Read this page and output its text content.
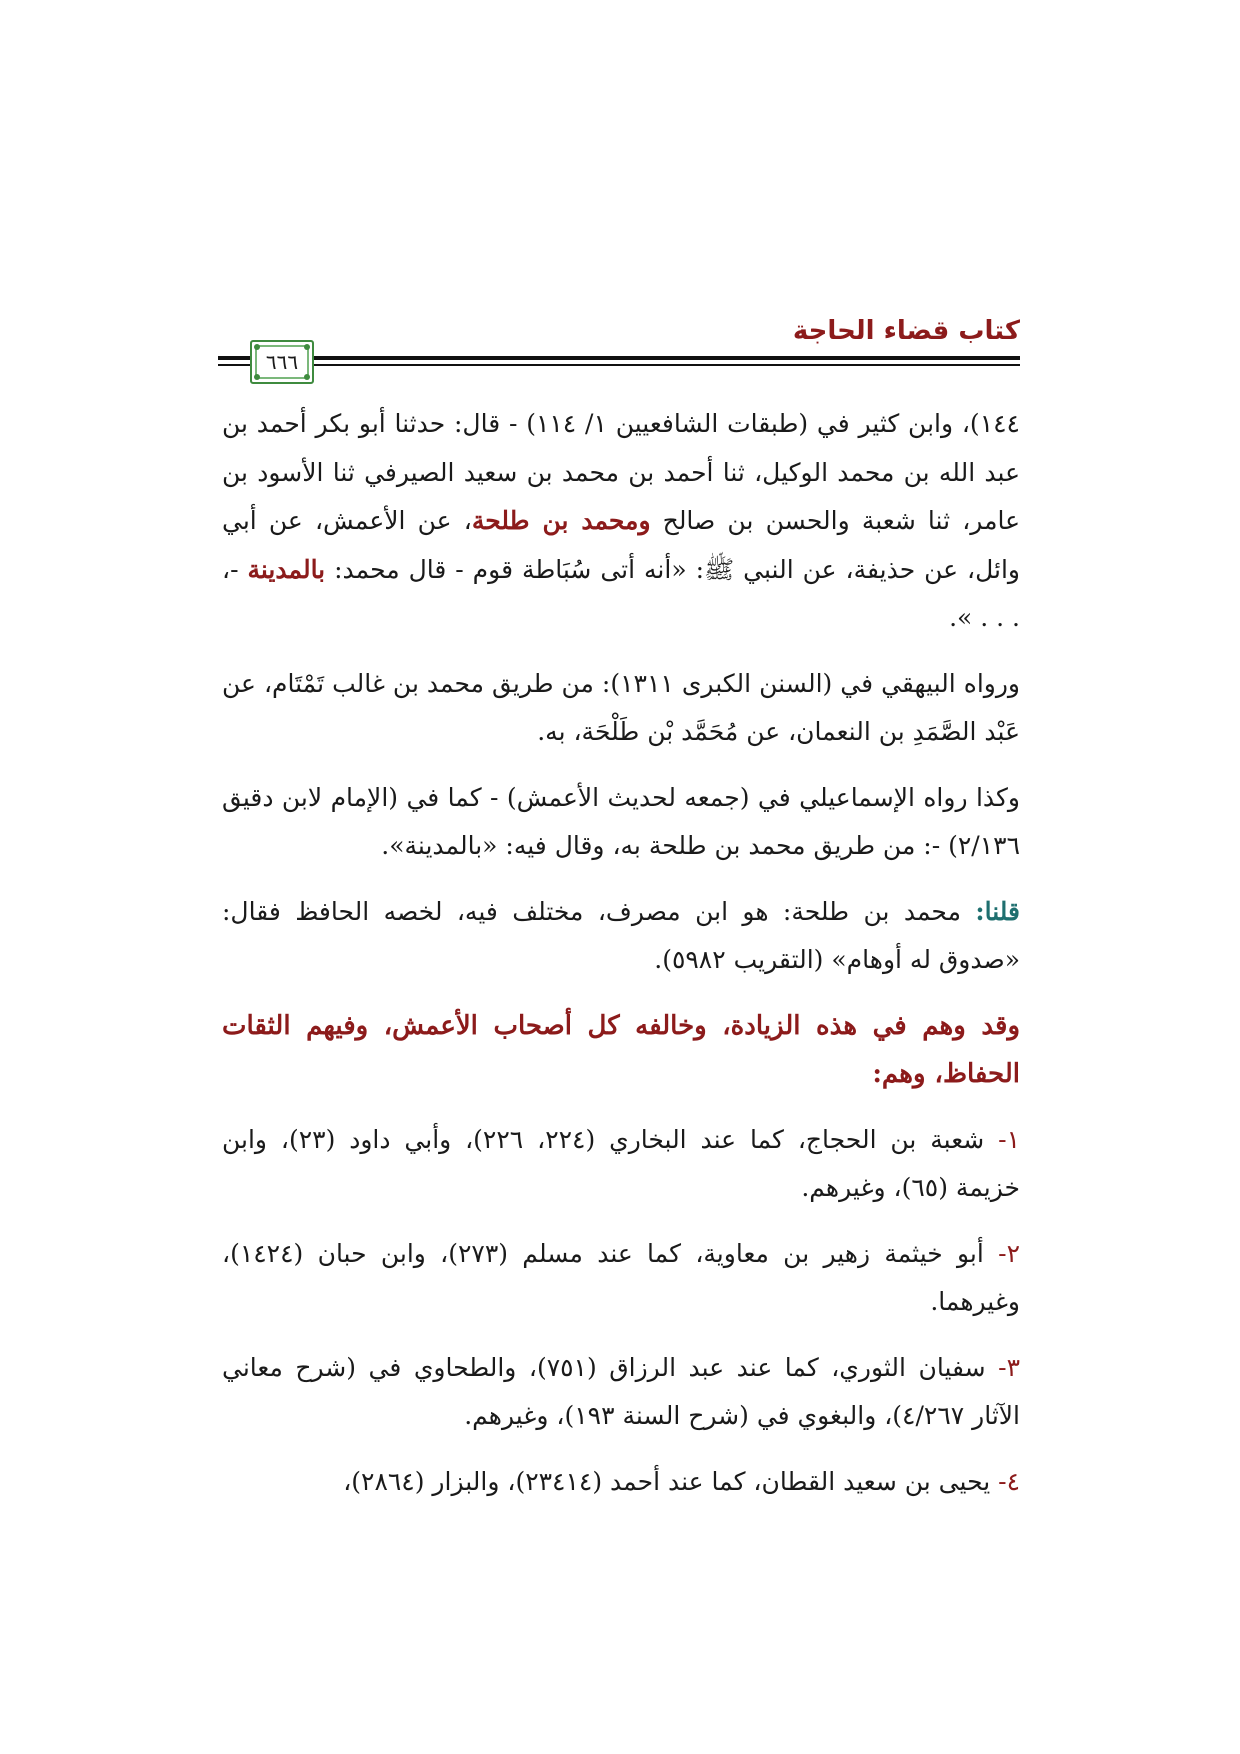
كتاب قضاء الحاجة
٦٦٦

١٤٤)، وابن كثير في (طبقات الشافعيين ١/ ١١٤) - قال: حدثنا أبو بكر أحمد بن عبد الله بن محمد الوكيل، ثنا أحمد بن محمد بن سعيد الصيرفي ثنا الأسود بن عامر، ثنا شعبة والحسن بن صالح ومحمد بن طلحة، عن الأعمش، عن أبي وائل، عن حذيفة، عن النبي ﷺ: «أنه أتى سُبَاطة قوم - قال محمد: بالمدينة -، . . . ».

ورواه البيهقي في (السنن الكبرى ١٣١١): من طريق محمد بن غالب تَمْتَام، عن عَبْد الصَّمَدِ بن النعمان، عن مُحَمَّد بْن طَلْحَة، به.

وكذا رواه الإسماعيلي في (جمعه لحديث الأعمش) - كما في (الإمام لابن دقيق ٢/١٣٦) -: من طريق محمد بن طلحة به، وقال فيه: «بالمدينة».

قلنا: محمد بن طلحة: هو ابن مصرف، مختلف فيه، لخصه الحافظ فقال: «صدوق له أوهام» (التقريب ٥٩٨٢).

وقد وهم في هذه الزيادة، وخالفه كل أصحاب الأعمش، وفيهم الثقات الحفاظ، وهم:

١- شعبة بن الحجاج، كما عند البخاري (٢٢٤، ٢٢٦)، وأبي داود (٢٣)، وابن خزيمة (٦٥)، وغيرهم.

٢- أبو خيثمة زهير بن معاوية، كما عند مسلم (٢٧٣)، وابن حبان (١٤٢٤)، وغيرهما.

٣- سفيان الثوري، كما عند عبد الرزاق (٧٥١)، والطحاوي في (شرح معاني الآثار ٤/٢٦٧)، والبغوي في (شرح السنة ١٩٣)، وغيرهم.

٤- يحيى بن سعيد القطان، كما عند أحمد (٢٣٤١٤)، والبزار (٢٨٦٤)،
